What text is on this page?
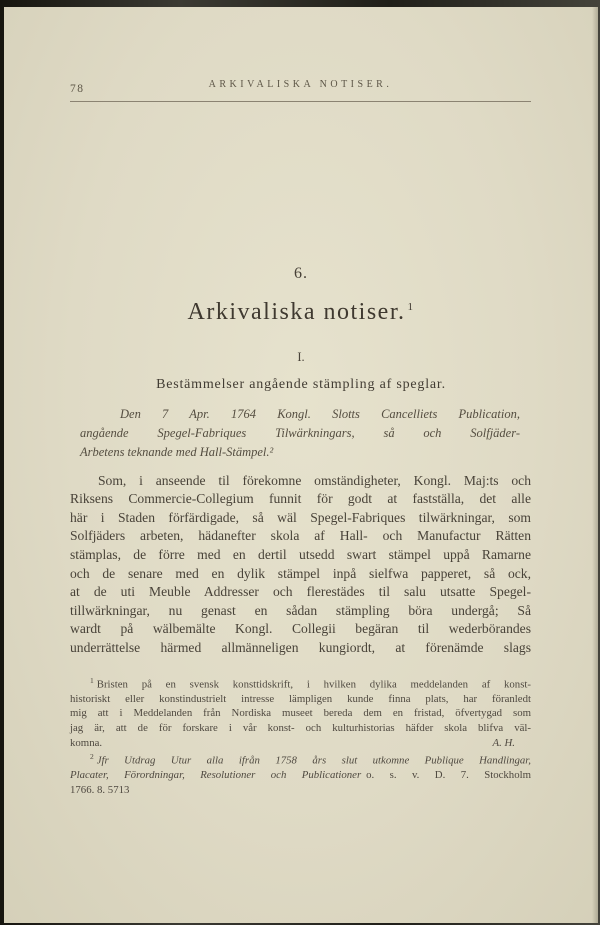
78	ARKIVALISKA NOTISER.
6.
Arkivaliska notiser. $^1$
I.
Bestämmelser angående stämpling af speglar.
Den 7 Apr. 1764 Kongl. Slotts Cancelliets Publication,
angående Spegel-Fabriques Tilwärkningars, så och Solfjäder-
Arbetens teknande med Hall-Stämpel.²
Som, i anseende til förekomne omständigheter, Kongl. Maj:ts och
Riksens Commercie-Collegium funnit för godt at fastställa, det alle
här i Staden förfärdigade, så wäl Spegel-Fabriques tilwärkningar, som
Solfjäders arbeten, hädanefter skola af Hall- och Manufactur Rätten
stämplas, de förre med en dertil utsedd swart stämpel uppå Ramarne
och de senare med en dylik stämpel inpå sielfwa papperet, så ock,
at de uti Meuble Addresser och flerestädes til salu utsatte Spegel-
tillwärkningar, nu genast en sådan stämpling böra undergå; Så
wardt på wälbemälte Kongl. Collegii begäran til wederbörandes
underrättelse härmed allmänneligen kungiordt, at förenämde slags
$^1$ Bristen på en svensk konsttidskrift, i hvilken dylika meddelanden af konst-
historiskt eller konstindustrielt intresse lämpligen kunde finna plats, har föranledt
mig att i Meddelanden från Nordiska museet bereda dem en fristad, öfvertygad som
jag är, att de för forskare i vår konst- och kulturhistorias häfder skola blifva väl-
komna.	A. H.
$^2$ Jfr Utdrag Utur alla ifrån 1758 års slut utkomne Publique Handlingar,
Placater, Förordningar, Resolutioner och Publicationer o. s. v. D. 7. Stockholm
1766. 8. 5713
